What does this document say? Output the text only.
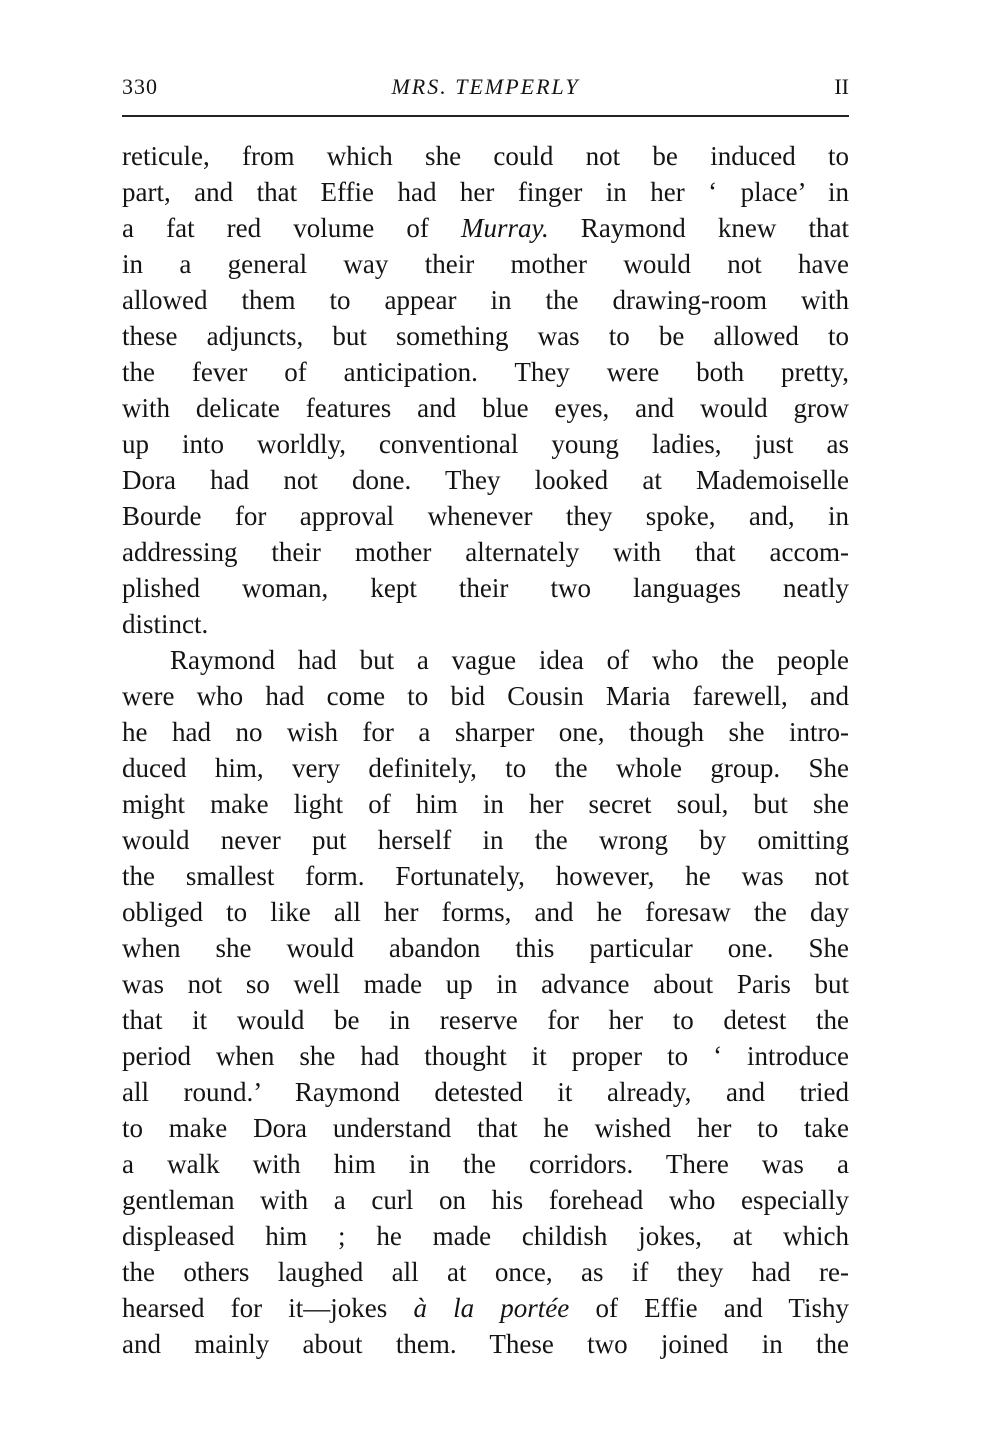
330	MRS. TEMPERLY	II
reticule, from which she could not be induced to
part, and that Effie had her finger in her ‘ place’ in
a fat red volume of Murray. Raymond knew that
in a general way their mother would not have
allowed them to appear in the drawing-room with
these adjuncts, but something was to be allowed to
the fever of anticipation. They were both pretty,
with delicate features and blue eyes, and would grow
up into worldly, conventional young ladies, just as
Dora had not done. They looked at Mademoiselle
Bourde for approval whenever they spoke, and, in
addressing their mother alternately with that accom-
plished woman, kept their two languages neatly
distinct.
Raymond had but a vague idea of who the people
were who had come to bid Cousin Maria farewell, and
he had no wish for a sharper one, though she intro-
duced him, very definitely, to the whole group. She
might make light of him in her secret soul, but she
would never put herself in the wrong by omitting
the smallest form. Fortunately, however, he was not
obliged to like all her forms, and he foresaw the day
when she would abandon this particular one. She
was not so well made up in advance about Paris but
that it would be in reserve for her to detest the
period when she had thought it proper to ‘ introduce
all round.’ Raymond detested it already, and tried
to make Dora understand that he wished her to take
a walk with him in the corridors. There was a
gentleman with a curl on his forehead who especially
displeased him ; he made childish jokes, at which
the others laughed all at once, as if they had re-
hearsed for it—jokes à la portée of Effie and Tishy
and mainly about them. These two joined in the
